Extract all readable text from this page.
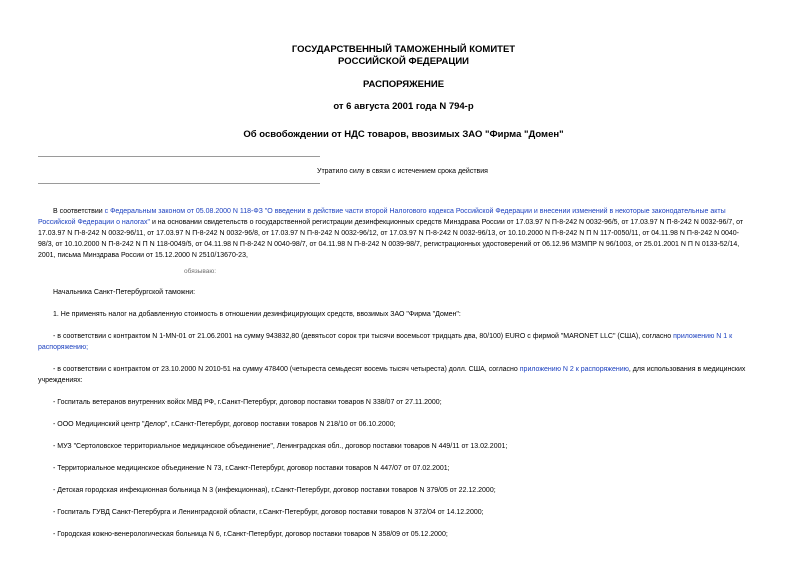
ГОСУДАРСТВЕННЫЙ ТАМОЖЕННЫЙ КОМИТЕТ
РОССИЙСКОЙ ФЕДЕРАЦИИ
РАСПОРЯЖЕНИЕ
от 6 августа 2001 года N 794-р
Об освобождении от НДС товаров, ввозимых ЗАО "Фирма "Домен"
Утратило силу в связи с истечением срока действия
В соответствии с Федеральным законом от 05.08.2000 N 118-ФЗ "О введении в действие части второй Налогового кодекса Российской Федерации и внесении изменений в некоторые законодательные акты
Российской Федерации о налогах" и на основании свидетельств о государственной регистрации дезинфекционных средств Минздрава России от 17.03.97 N П-8-242 N 0032-96/5, от 17.03.97 N П-8-242 N 0032-96/7, от
17.03.97 N П-8-242 N 0032-96/11, от 17.03.97 N П-8-242 N 0032-96/8, от 17.03.97 N П-8-242 N 0032-96/12, от 17.03.97 N П-8-242 N 0032-96/13, от 10.10.2000 N П-8-242 N П N 117-0050/11, от 04.11.98 N П-8-242 N 0040-
98/3, от 10.10.2000 N П-8-242 N П N 118-0049/5, от 04.11.98 N П-8-242 N 0040-98/7, от 04.11.98 N П-8-242 N 0039-98/7, регистрационных удостоверений от 06.12.96 МЗМПР N 96/1003, от 25.01.2001 N П N 0133-52/14,
2001, письма Минздрава России от 15.12.2000 N 2510/13670-23,
обязываю:
Начальника Санкт-Петербургской таможни:
1. Не применять налог на добавленную стоимость в отношении дезинфицирующих средств, ввозимых ЗАО "Фирма "Домен":
- в соответствии с контрактом N 1-MN-01 от 21.06.2001 на сумму 943832,80 (девятьсот сорок три тысячи восемьсот тридцать два, 80/100) EURO с фирмой "MARONET LLC" (США), согласно приложению N 1 к
распоряжению;
- в соответствии с контрактом от 23.10.2000 N 2010-51 на сумму 478400 (четыреста семьдесят восемь тысяч четыреста) долл. США, согласно приложению N 2 к распоряжению, для использования в медицинских
учреждениях:
- Госпиталь ветеранов внутренних войск МВД РФ, г.Санкт-Петербург, договор поставки товаров N 338/07 от 27.11.2000;
- ООО Медицинский центр "Делор", г.Санкт-Петербург, договор поставки товаров N 218/10 от 06.10.2000;
- МУЗ "Сертоловское территориальное медицинское объединение", Ленинградская обл., договор поставки товаров N 449/11 от 13.02.2001;
- Территориальное медицинское объединение N 73, г.Санкт-Петербург, договор поставки товаров N 447/07 от 07.02.2001;
- Детская городская инфекционная больница N 3 (инфекционная), г.Санкт-Петербург, договор поставки товаров N 379/05 от 22.12.2000;
- Госпиталь ГУВД Санкт-Петербурга и Ленинградской области, г.Санкт-Петербург, договор поставки товаров N 372/04 от 14.12.2000;
- Городская кожно-венерологическая больница N 6, г.Санкт-Петербург, договор поставки товаров N 358/09 от 05.12.2000;
